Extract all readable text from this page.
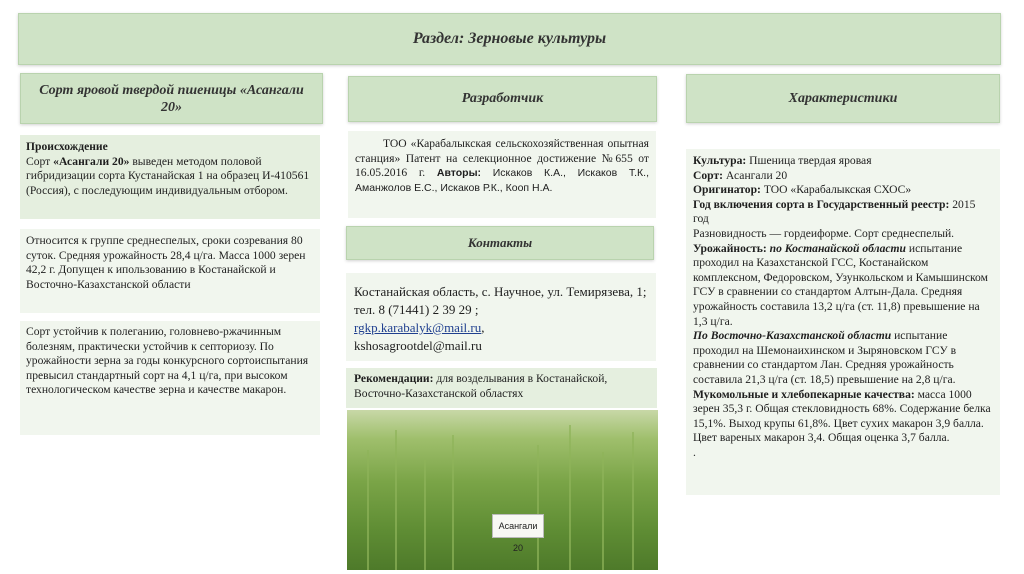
Раздел: Зерновые культуры
Сорт яровой твердой пшеницы «Асангали 20»
Разработчик	Характеристики
Происхождение
Сорт «Асангали 20» выведен методом половой гибридизации сорта Кустанайская 1 на образец И-410561 (Россия), с последующим индивидуальным отбором.
Относится к группе среднеспелых, сроки созревания 80 суток. Средняя урожайность 28,4 ц/га. Масса 1000 зерен 42,2 г. Допущен к ипользованию в Костанайской и Восточно-Казахстанской области
Сорт устойчив к полеганию, головнево-ржачинным болезням, практически устойчив к септориозу. По урожайности зерна за годы конкурсного сортоиспытания превысил стандартный сорт на 4,1 ц/га, при высоком технологическом качестве зерна и качестве макарон.
ТОО «Карабалыкская сельскохозяйственная опытная станция» Патент на селекционное достижение №655 от 16.05.2016 г. Авторы: Искаков К.А., Искаков Т.К., Аманжолов Е.С., Искаков Р.К., Кооп Н.А.
Контакты
Костанайская область, с. Научное, ул. Темирязева, 1; тел. 8 (71441) 2 39 29 ;
rgkp.karabalyk@mail.ru,
kshosagrootdel@mail.ru
Рекомендации: для возделывания в Костанайской, Восточно-Казахстанской областях
Асангали 20
Культура: Пшеница твердая яровая
Сорт: Асангали 20
Оригинатор: ТОО «Карабалыкская СХОС»
Год включения сорта в Государственный реестр: 2015 год
Разновидность — гордеиформе. Сорт среднеспелый.
Урожайность: по Костанайской области испытание проходил на Казахстанской ГСС, Костанайском комплексном, Федоровском, Узункольском и Камышинском ГСУ в сравнении со стандартом Алтын-Дала. Средняя урожайность составила 13,2 ц/га (ст. 11,8) превышение на 1,3 ц/га.
По Восточно-Казахстанской области испытание проходил на Шемонаихинском и Зыряновском ГСУ в сравнении со стандартом Лан. Средняя урожайность составила 21,3 ц/га (ст. 18,5) превышение на 2,8 ц/га.
Мукомольные и хлебопекарные качества: масса 1000 зерен 35,3 г. Общая стекловидность 68%. Содержание белка 15,1%. Выход крупы 61,8%. Цвет сухих макарон 3,9 балла. Цвет вареных макарон 3,4. Общая оценка 3,7 балла.
.
